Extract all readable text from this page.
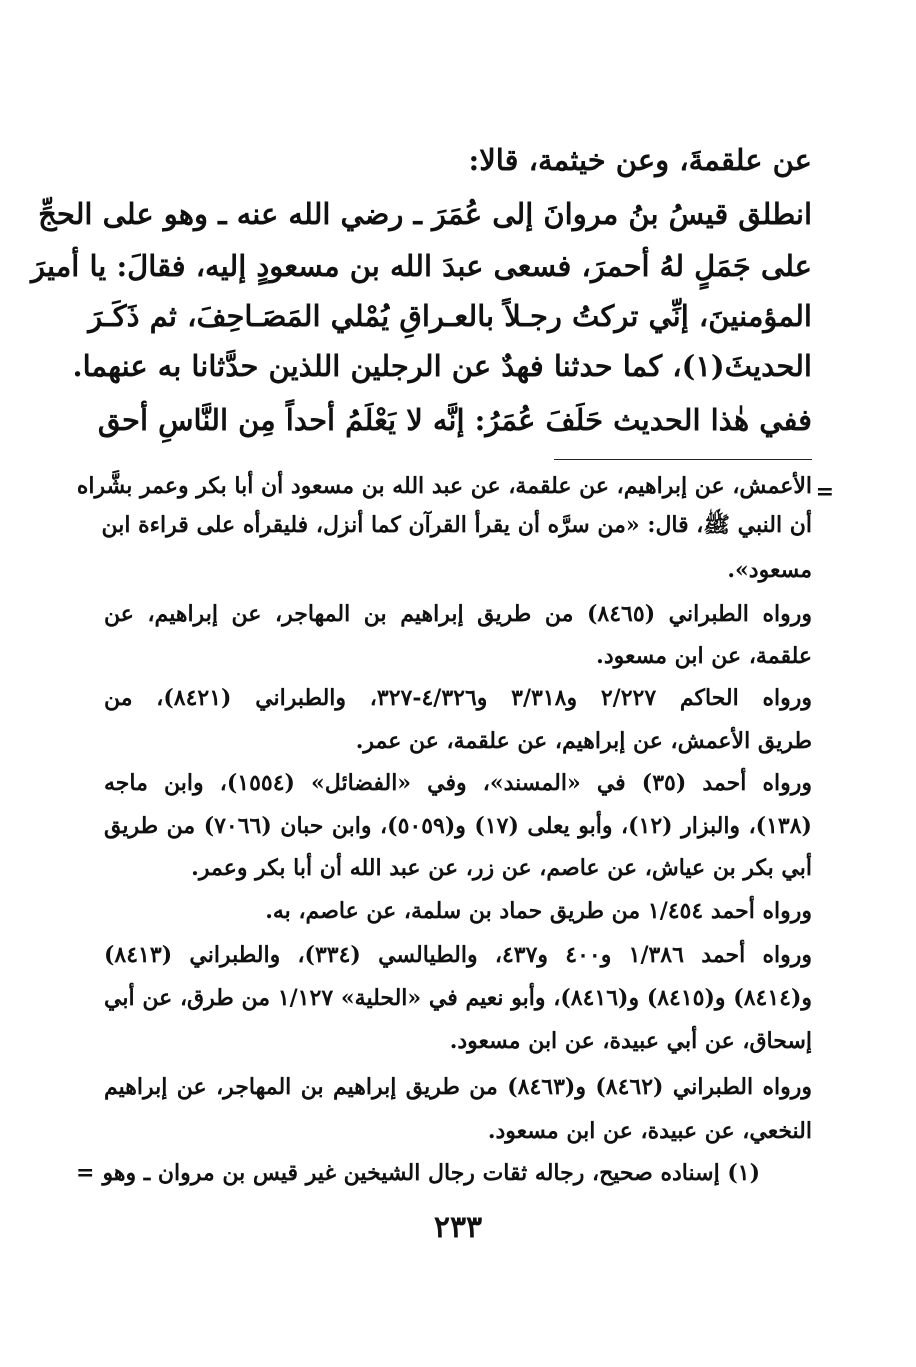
عن علقمةَ، وعن خيثمة، قالا:
انطلق قيسُ بنُ مروانَ إلى عُمَرَ ـ رضي الله عنه ـ وهو على الحجِّ
على جَمَلٍ لهُ أحمرَ، فسعى عبدَ الله بن مسعودٍ إليه، فقالَ: يا أميرَ
المؤمنينَ، إنِّي تركتُ رجـلاً بالعـراقِ يُمْلي المَصَـاحِفَ، ثم ذَكَـرَ
الحديثَ(١)، كما حدثنا فهدٌ عن الرجلين اللذين حدَّثانا به عنهما.
ففي هٰذا الحديث حَلَفَ عُمَرُ: إنَّه لا يَعْلَمُ أحداً مِن النَّاسِ أحق
=
الأعمش، عن إبراهيم، عن علقمة، عن عبد الله بن مسعود أن أبا بكر وعمر بشَّراه
أن النبي ﷺ، قال: «من سرَّه أن يقرأ القرآن كما أنزل، فليقرأه على قراءة ابن
مسعود».
ورواه الطبراني (٨٤٦٥) من طريق إبراهيم بن المهاجر، عن إبراهيم، عن
علقمة، عن ابن مسعود.
ورواه الحاكم ٢/٢٢٧ و٣/٣١٨ و٤/٣٢٦-٣٢٧، والطبراني (٨٤٢١)، من
طريق الأعمش، عن إبراهيم، عن علقمة، عن عمر.
ورواه أحمد (٣٥) في «المسند»، وفي «الفضائل» (١٥٥٤)، وابن ماجه
(١٣٨)، والبزار (١٢)، وأبو يعلى (١٧) و(٥٠٥٩)، وابن حبان (٧٠٦٦) من طريق
أبي بكر بن عياش، عن عاصم، عن زر، عن عبد الله أن أبا بكر وعمر.
ورواه أحمد ١/٤٥٤ من طريق حماد بن سلمة، عن عاصم، به.
ورواه أحمد ١/٣٨٦ و٤٠٠ و٤٣٧، والطيالسي (٣٣٤)، والطبراني (٨٤١٣)
و(٨٤١٤) و(٨٤١٥) و(٨٤١٦)، وأبو نعيم في «الحلية» ١/١٢٧ من طرق، عن أبي
إسحاق، عن أبي عبيدة، عن ابن مسعود.
ورواه الطبراني (٨٤٦٢) و(٨٤٦٣) من طريق إبراهيم بن المهاجر، عن إبراهيم
النخعي، عن عبيدة، عن ابن مسعود.
(١) إسناده صحيح، رجاله ثقات رجال الشيخين غير قيس بن مروان ـ وهو
=
٢٣٣
